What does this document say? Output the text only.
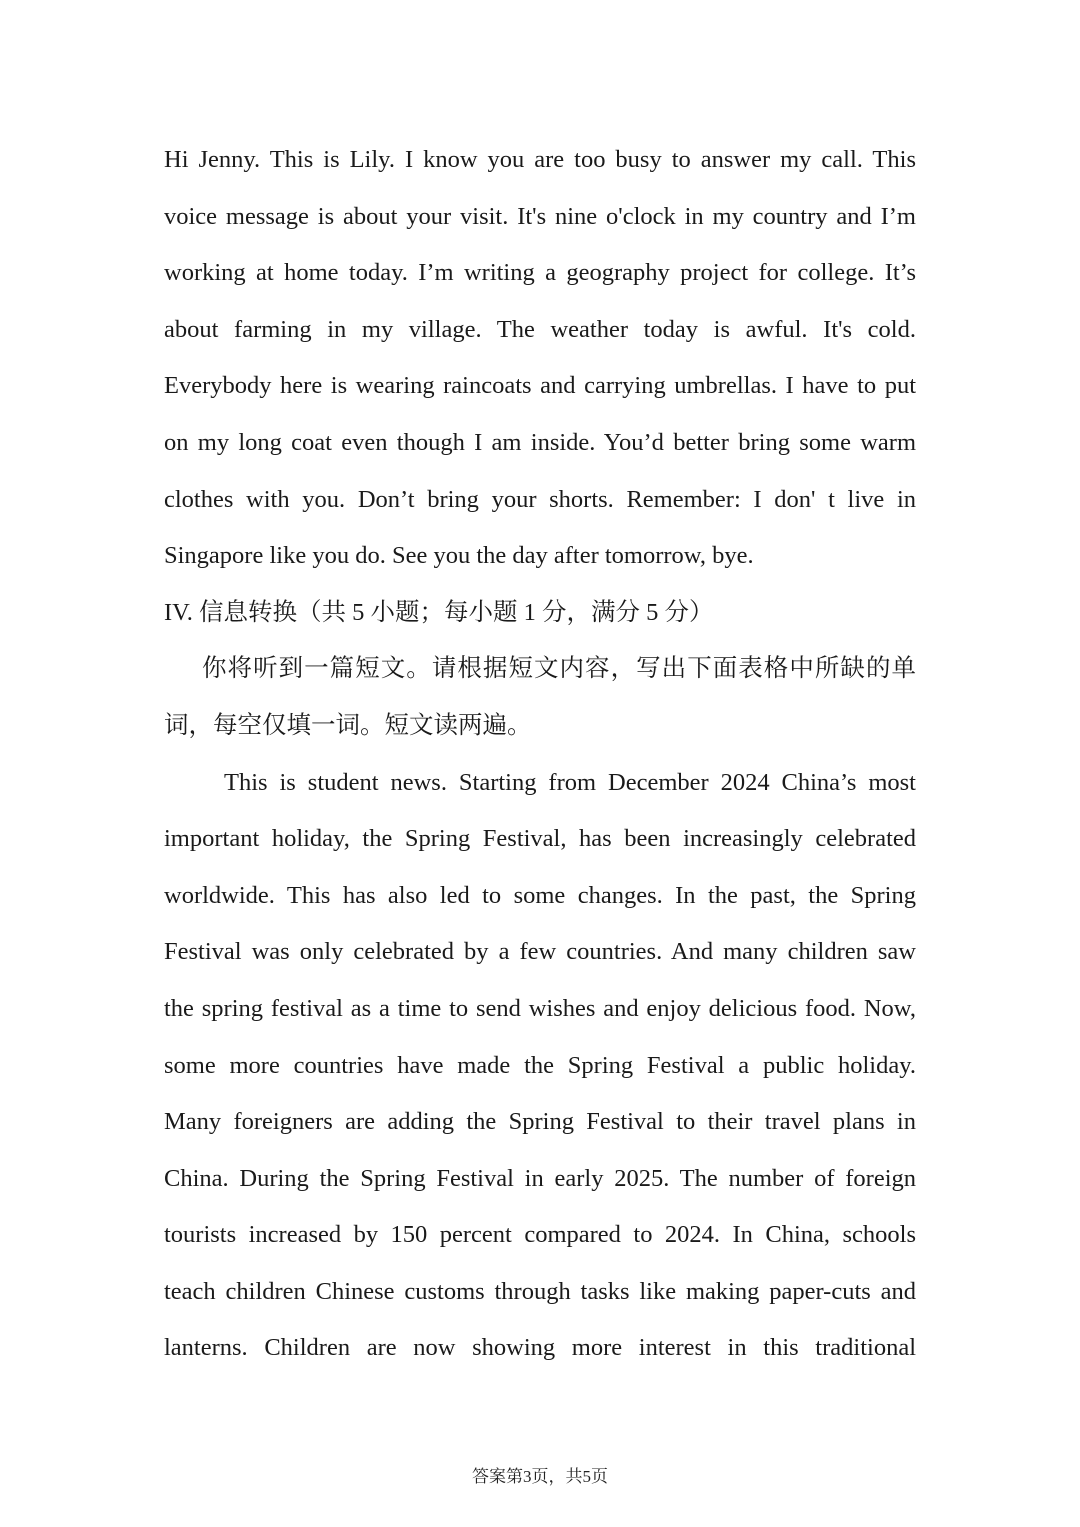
Hi Jenny. This is Lily. I know you are too busy to answer my call. This
voice message is about your visit. It's nine o'clock in my country and I’m
working at home today. I’m writing a geography project for college. It’s
about farming in my village. The weather today is awful. It's cold.
Everybody here is wearing raincoats and carrying umbrellas. I have to put
on my long coat even though I am inside. You’d better bring some warm
clothes with you. Don’t bring your shorts. Remember: I don' t live in
Singapore like you do. See you the day after tomorrow, bye.
IV. 信息转换（共 5 小题；每小题 1 分，满分 5 分）
你将听到一篇短文。请根据短文内容，写出下面表格中所缺的单
词，每空仅填一词。短文读两遍。
This is student news. Starting from December 2024 China’s most
important holiday, the Spring Festival, has been increasingly celebrated
worldwide. This has also led to some changes. In the past, the Spring
Festival was only celebrated by a few countries. And many children saw
the spring festival as a time to send wishes and enjoy delicious food. Now,
some more countries have made the Spring Festival a public holiday.
Many foreigners are adding the Spring Festival to their travel plans in
China. During the Spring Festival in early 2025. The number of foreign
tourists increased by 150 percent compared to 2024. In China, schools
teach children Chinese customs through tasks like making paper-cuts and
lanterns. Children are now showing more interest in this traditional
答案第3页，共5页
